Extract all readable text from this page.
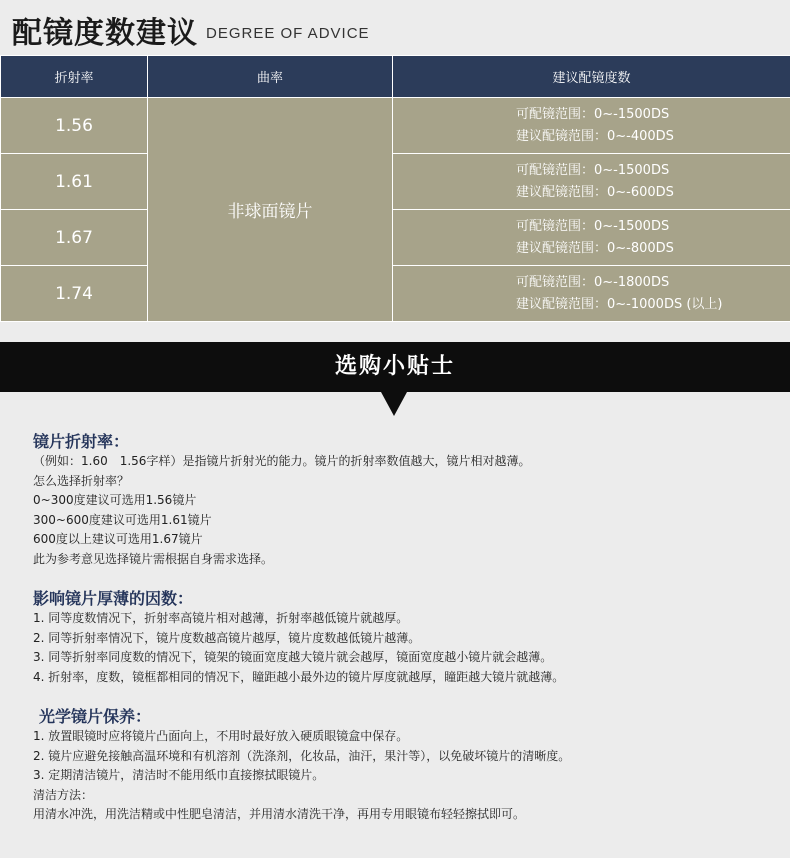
配镜度数建议 DEGREE OF ADVICE
折射率	曲率	建议配镜度数
1.56	非球面镜片	可配镜范围：0~-1500DS
建议配镜范围：0~-400DS

1.61		可配镜范围：0~-1500DS
建议配镜范围：0~-600DS

1.67		可配镜范围：0~-1500DS
建议配镜范围：0~-800DS

1.74		可配镜范围：0~-1800DS
建议配镜范围：0~-1000DS (以上)
选购小贴士
镜片折射率：

（例如：1.60　1.56字样）是指镜片折射光的能力。镜片的折射率数值越大，镜片相对越薄。

怎么选择折射率？

0~300度建议可选用1.56镜片

300~600度建议可选用1.61镜片

600度以上建议可选用1.67镜片

此为参考意见选择镜片需根据自身需求选择。

影响镜片厚薄的因数：

1. 同等度数情况下，折射率高镜片相对越薄，折射率越低镜片就越厚。

2. 同等折射率情况下，镜片度数越高镜片越厚，镜片度数越低镜片越薄。

3. 同等折射率同度数的情况下，镜架的镜面宽度越大镜片就会越厚，镜面宽度越小镜片就会越薄。

4. 折射率，度数，镜框都相同的情况下，瞳距越小最外边的镜片厚度就越厚，瞳距越大镜片就越薄。

光学镜片保养：

1. 放置眼镜时应将镜片凸面向上，不用时最好放入硬质眼镜盒中保存。

2. 镜片应避免接触高温环境和有机溶剂（洗涤剂，化妆品，油汗，果汁等），以免破坏镜片的清晰度。

3. 定期清洁镜片，清洁时不能用纸巾直接擦拭眼镜片。

清洁方法：

用清水冲洗，用洗洁精或中性肥皂清洁，并用清水清洗干净，再用专用眼镜布轻轻擦拭即可。
